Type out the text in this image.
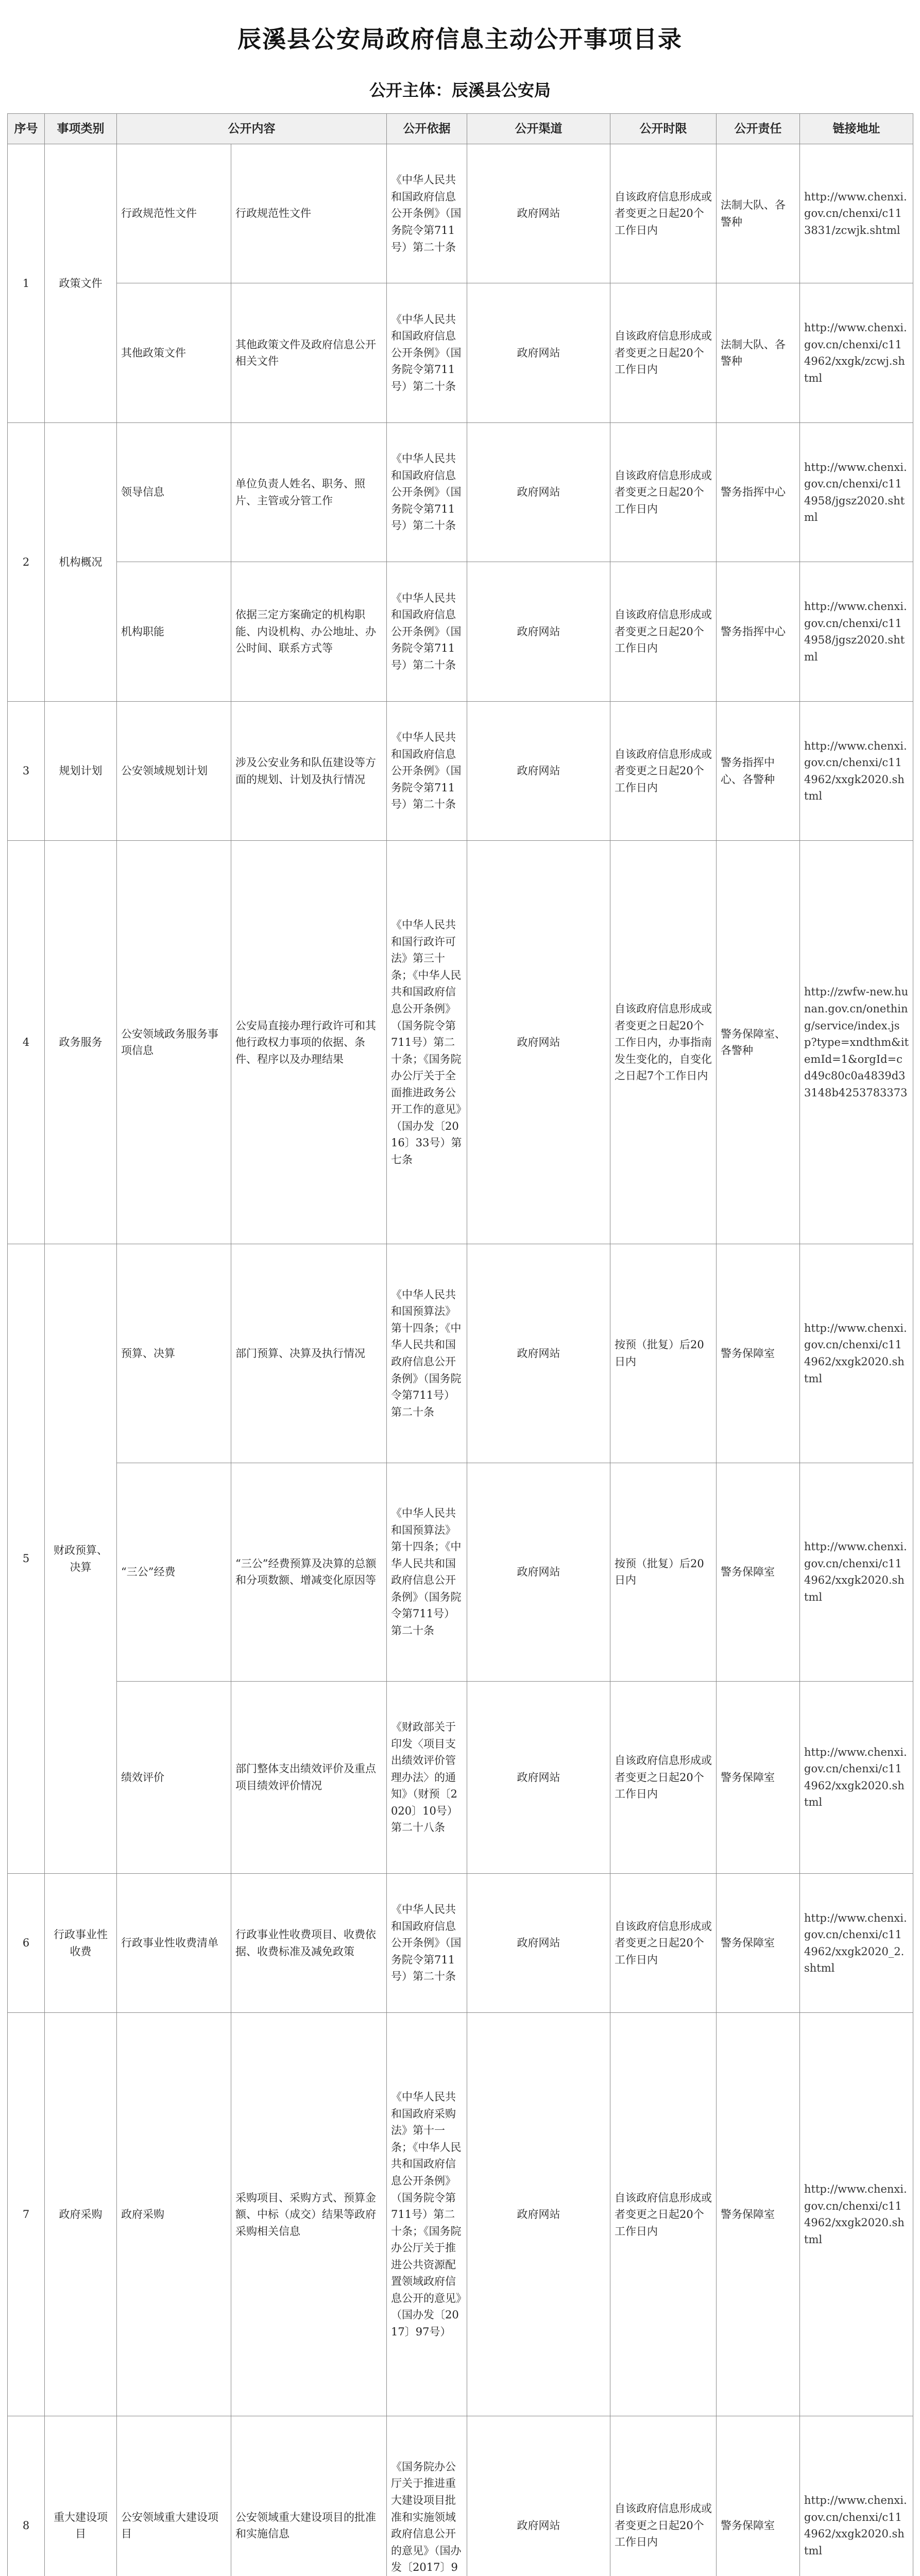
辰溪县公安局政府信息主动公开事项目录
公开主体：辰溪县公安局
序号	事项类别	公开内容		公开依据	公开渠道	公开时限	公开责任	链接地址
1	政策文件	行政规范性文件	行政规范性文件	《中华人民共和国政府信息公开条例》（国务院令第711号）第二十条	政府网站	自该政府信息形成或者变更之日起20个工作日内	法制大队、各警种	http://www.chenxi.gov.cn/chenxi/c113831/zcwjk.shtml
		其他政策文件	其他政策文件及政府信息公开相关文件	《中华人民共和国政府信息公开条例》（国务院令第711号）第二十条	政府网站	自该政府信息形成或者变更之日起20个工作日内	法制大队、各警种	http://www.chenxi.gov.cn/chenxi/c114962/xxgk/zcwj.shtml
2	机构概况	领导信息	单位负责人姓名、职务、照片、主管或分管工作	《中华人民共和国政府信息公开条例》（国务院令第711号）第二十条	政府网站	自该政府信息形成或者变更之日起20个工作日内	警务指挥中心	http://www.chenxi.gov.cn/chenxi/c114958/jgsz2020.shtml
		机构职能	依据三定方案确定的机构职能、内设机构、办公地址、办公时间、联系方式等	《中华人民共和国政府信息公开条例》（国务院令第711号）第二十条	政府网站	自该政府信息形成或者变更之日起20个工作日内	警务指挥中心	http://www.chenxi.gov.cn/chenxi/c114958/jgsz2020.shtml
3	规划计划	公安领域规划计划	涉及公安业务和队伍建设等方面的规划、计划及执行情况	《中华人民共和国政府信息公开条例》（国务院令第711号）第二十条	政府网站	自该政府信息形成或者变更之日起20个工作日内	警务指挥中心、各警种	http://www.chenxi.gov.cn/chenxi/c114962/xxgk2020.shtml
4	政务服务	公安领域政务服务事项信息	公安局直接办理行政许可和其他行政权力事项的依据、条件、程序以及办理结果	《中华人民共和国行政许可法》第三十条；《中华人民共和国政府信息公开条例》（国务院令第711号）第二十条；《国务院办公厅关于全面推进政务公开工作的意见》（国办发〔2016〕33号）第七条	政府网站	自该政府信息形成或者变更之日起20个工作日内，办事指南发生变化的，自变化之日起7个工作日内	警务保障室、各警种	http://zwfw-new.hunan.gov.cn/onething/service/index.jsp?type=xndthm&itemId=1&orgId=cd49c80c0a4839d33148b4253783373
5	财政预算、决算	预算、决算	部门预算、决算及执行情况	《中华人民共和国预算法》第十四条；《中华人民共和国政府信息公开条例》（国务院令第711号）第二十条	政府网站	按预（批复）后20日内	警务保障室	http://www.chenxi.gov.cn/chenxi/c114962/xxgk2020.shtml
		“三公”经费	“三公”经费预算及决算的总额和分项数额、增减变化原因等	《中华人民共和国预算法》第十四条；《中华人民共和国政府信息公开条例》（国务院令第711号）第二十条	政府网站	按预（批复）后20日内	警务保障室	http://www.chenxi.gov.cn/chenxi/c114962/xxgk2020.shtml
		绩效评价	部门整体支出绩效评价及重点项目绩效评价情况	《财政部关于印发〈项目支出绩效评价管理办法〉的通知》（财预〔2020〕10号）第二十八条	政府网站	自该政府信息形成或者变更之日起20个工作日内	警务保障室	http://www.chenxi.gov.cn/chenxi/c114962/xxgk2020.shtml
6	行政事业性收费	行政事业性收费清单	行政事业性收费项目、收费依据、收费标准及减免政策	《中华人民共和国政府信息公开条例》（国务院令第711号）第二十条	政府网站	自该政府信息形成或者变更之日起20个工作日内	警务保障室	http://www.chenxi.gov.cn/chenxi/c114962/xxgk2020_2.shtml
7	政府采购	政府采购	采购项目、采购方式、预算金额、中标（成交）结果等政府采购相关信息	《中华人民共和国政府采购法》第十一条；《中华人民共和国政府信息公开条例》（国务院令第711号）第二十条；《国务院办公厅关于推进公共资源配置领域政府信息公开的意见》（国办发〔2017〕97号）	政府网站	自该政府信息形成或者变更之日起20个工作日内	警务保障室	http://www.chenxi.gov.cn/chenxi/c114962/xxgk2020.shtml
8	重大建设项目	公安领域重大建设项目	公安领域重大建设项目的批准和实施信息	《国务院办公厅关于推进重大建设项目批准和实施领域政府信息公开的意见》（国办发〔2017〕9	政府网站	自该政府信息形成或者变更之日起20个工作日内	警务保障室	http://www.chenxi.gov.cn/chenxi/c114962/xxgk2020.shtml
